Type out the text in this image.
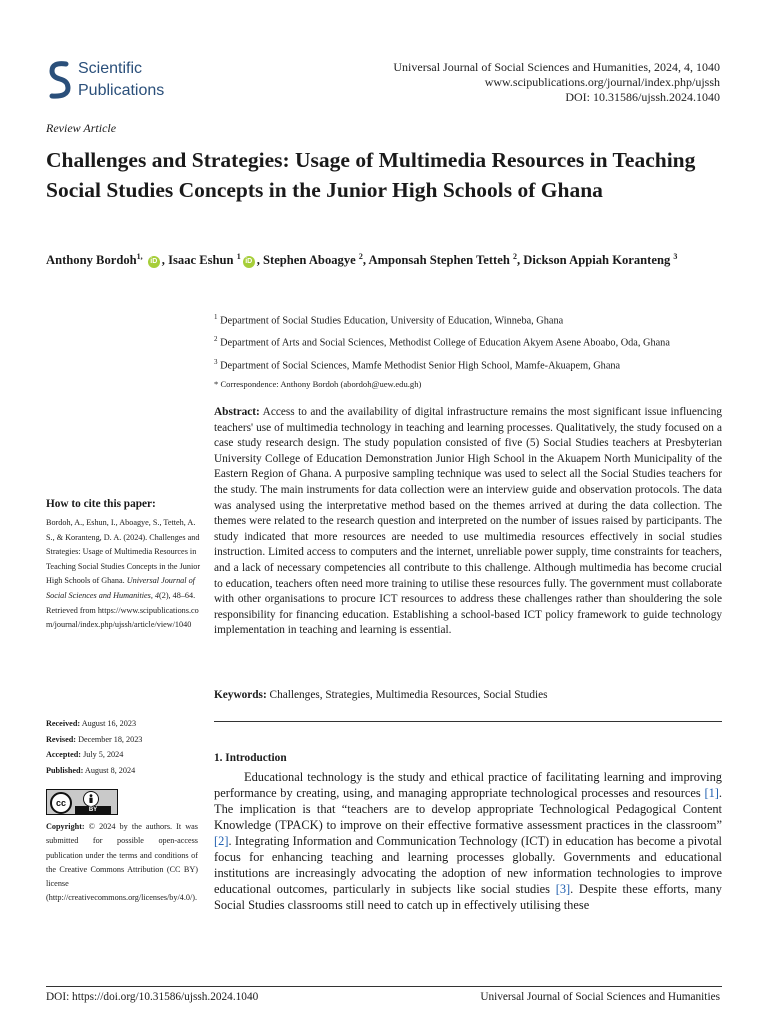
Scientific
Publications
Universal Journal of Social Sciences and Humanities, 2024, 4, 1040
www.scipublications.org/journal/index.php/ujssh
DOI: 10.31586/ujssh.2024.1040
Review Article
Challenges and Strategies: Usage of Multimedia Resources in Teaching Social Studies Concepts in the Junior High Schools of Ghana
Anthony Bordoh$^{1,}$ iD , Isaac Eshun $^1$iD , Stephen Aboagye $^2$, Amponsah Stephen Tetteh $^2$, Dickson Appiah Koranteng $^3$
$^1$ Department of Social Studies Education, University of Education, Winneba, Ghana
$^2$ Department of Arts and Social Sciences, Methodist College of Education Akyem Asene Aboabo, Oda, Ghana
$^3$ Department of Social Sciences, Mamfe Methodist Senior High School, Mamfe-Akuapem, Ghana
* Correspondence: Anthony Bordoh (abordoh@uew.edu.gh)
Abstract: Access to and the availability of digital infrastructure remains the most significant issue influencing teachers' use of multimedia technology in teaching and learning processes. Qualitatively, the study focused on a case study research design. The study population consisted of five (5) Social Studies teachers at Presbyterian University College of Education Demonstration Junior High School in the Akuapem North Municipality of the Eastern Region of Ghana. A purposive sampling technique was used to select all the Social Studies teachers for the study. The main instruments for data collection were an interview guide and observation protocols. The data was analysed using the interpretative method based on the themes arrived at during the data collection. The themes were related to the research question and interpreted on the number of issues raised by participants. The study indicated that more resources are needed to use multimedia resources effectively in social studies instruction. Limited access to computers and the internet, unreliable power supply, time constraints for teachers, and a lack of necessary competencies all contribute to this challenge. Although multimedia has become crucial to education, teachers often need more training to utilise these resources fully. The government must collaborate with other organisations to procure ICT resources to address these challenges rather than shouldering the sole responsibility for financing education. Establishing a school-based ICT policy framework to guide technology implementation in teaching and learning is essential.
Keywords: Challenges, Strategies, Multimedia Resources, Social Studies
1. Introduction
Educational technology is the study and ethical practice of facilitating learning and improving performance by creating, using, and managing appropriate technological processes and resources [1]. The implication is that “teachers are to develop appropriate Technological Pedagogical Content Knowledge (TPACK) to improve on their effective formative assessment practices in the classroom” [2]. Integrating Information and Communication Technology (ICT) in education has become a pivotal focus for enhancing teaching and learning processes globally. Governments and educational institutions are increasingly advocating the adoption of new information technologies to improve educational outcomes, particularly in subjects like social studies [3]. Despite these efforts, many Social Studies classrooms still need to catch up in effectively utilising these
How to cite this paper:
Bordoh, A., Eshun, I., Aboagye, S., Tetteh, A. S., & Koranteng, D. A. (2024). Challenges and Strategies: Usage of Multimedia Resources in Teaching Social Studies Concepts in the Junior High Schools of Ghana. Universal Journal of Social Sciences and Humanities, 4(2), 48–64. Retrieved from https://www.scipublications.com/journal/index.php/ujssh/article/view/1040
Received: August 16, 2023
Revised: December 18, 2023
Accepted: July 5, 2024
Published: August 8, 2024
cc
BY
Copyright: © 2024 by the authors. It was submitted for possible open-access publication under the terms and conditions of the Creative Commons Attribution (CC BY) license (http://creativecommons.org/licenses/by/4.0/).
DOI: https://doi.org/10.31586/ujssh.2024.1040	Universal Journal of Social Sciences and Humanities
